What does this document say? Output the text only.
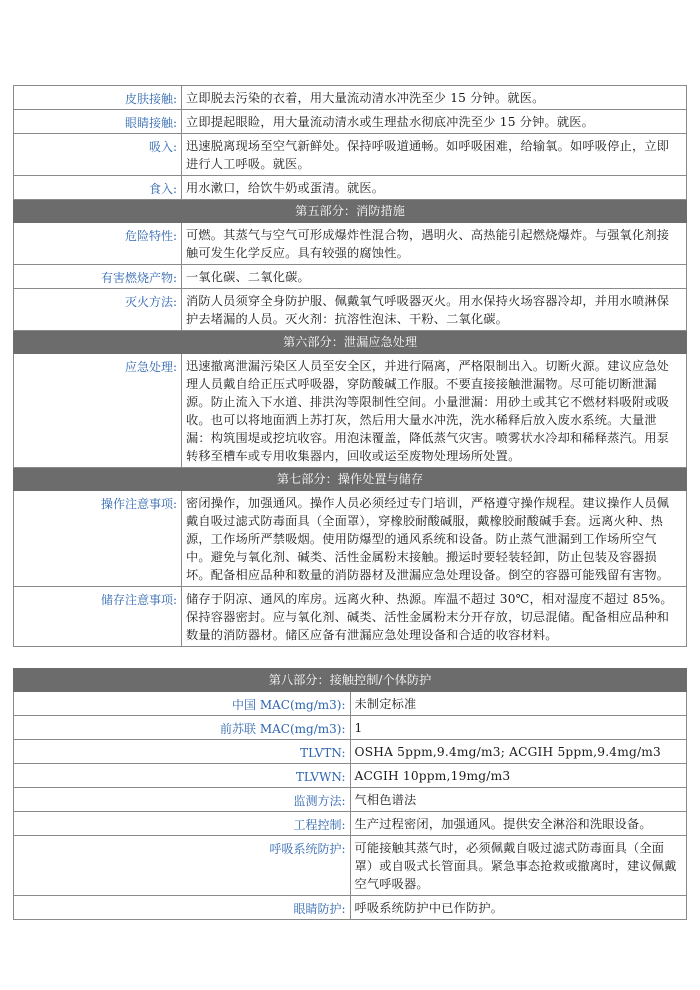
皮肤接触:	立即脱去污染的衣着，用大量流动清水冲洗至少 15 分钟。就医。
眼睛接触:	立即提起眼睑，用大量流动清水或生理盐水彻底冲洗至少 15 分钟。就医。
吸入:	迅速脱离现场至空气新鲜处。保持呼吸道通畅。如呼吸困难，给输氧。如呼吸停止，立即进行人工呼吸。就医。
食入:	用水漱口，给饮牛奶或蛋清。就医。
第五部分：消防措施	
危险特性:	可燃。其蒸气与空气可形成爆炸性混合物，遇明火、高热能引起燃烧爆炸。与强氧化剂接触可发生化学反应。具有较强的腐蚀性。
有害燃烧产物:	一氧化碳、二氧化碳。
灭火方法:	消防人员须穿全身防护服、佩戴氧气呼吸器灭火。用水保持火场容器冷却，并用水喷淋保护去堵漏的人员。灭火剂：抗溶性泡沫、干粉、二氧化碳。
第六部分：泄漏应急处理	
应急处理:	迅速撤离泄漏污染区人员至安全区，并进行隔离，严格限制出入。切断火源。建议应急处理人员戴自给正压式呼吸器，穿防酸碱工作服。不要直接接触泄漏物。尽可能切断泄漏源。防止流入下水道、排洪沟等限制性空间。小量泄漏：用砂土或其它不燃材料吸附或吸收。也可以将地面洒上苏打灰，然后用大量水冲洗，洗水稀释后放入废水系统。大量泄漏：构筑围堤或挖坑收容。用泡沫覆盖，降低蒸气灾害。喷雾状水冷却和稀释蒸汽。用泵转移至槽车或专用收集器内，回收或运至废物处理场所处置。
第七部分：操作处置与储存	
操作注意事项:	密闭操作，加强通风。操作人员必须经过专门培训，严格遵守操作规程。建议操作人员佩戴自吸过滤式防毒面具（全面罩），穿橡胶耐酸碱服，戴橡胶耐酸碱手套。远离火种、热源，工作场所严禁吸烟。使用防爆型的通风系统和设备。防止蒸气泄漏到工作场所空气中。避免与氧化剂、碱类、活性金属粉末接触。搬运时要轻装轻卸，防止包装及容器损坏。配备相应品种和数量的消防器材及泄漏应急处理设备。倒空的容器可能残留有害物。
储存注意事项:	储存于阴凉、通风的库房。远离火种、热源。库温不超过 30℃，相对湿度不超过 85%。保持容器密封。应与氧化剂、碱类、活性金属粉末分开存放，切忌混储。配备相应品种和数量的消防器材。储区应备有泄漏应急处理设备和合适的收容材料。
第八部分：接触控制/个体防护	
中国 MAC(mg/m3):	未制定标准
前苏联 MAC(mg/m3):	1
TLVTN:	OSHA 5ppm,9.4mg/m3; ACGIH 5ppm,9.4mg/m3
TLVWN:	ACGIH 10ppm,19mg/m3
监测方法:	气相色谱法
工程控制:	生产过程密闭，加强通风。提供安全淋浴和洗眼设备。
呼吸系统防护:	可能接触其蒸气时，必须佩戴自吸过滤式防毒面具（全面罩）或自吸式长管面具。紧急事态抢救或撤离时，建议佩戴空气呼吸器。
眼睛防护:	呼吸系统防护中已作防护。
